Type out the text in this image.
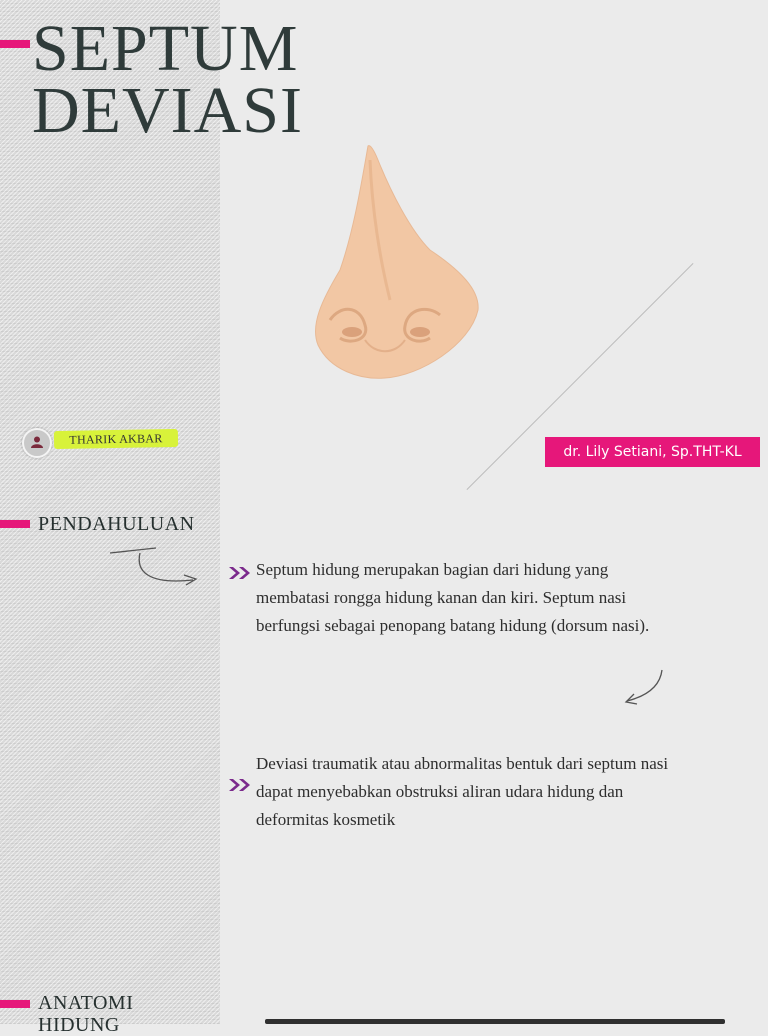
SEPTUM
DEVIASI
THARIK AKBAR
dr. Lily Setiani, Sp.THT-KL
PENDAHULUAN

Septum hidung merupakan bagian dari hidung yang membatasi rongga hidung kanan dan kiri. Septum nasi berfungsi sebagai penopang batang hidung (dorsum nasi).

Deviasi traumatik atau abnormalitas bentuk dari septum nasi dapat menyebabkan obstruksi aliran udara hidung dan deformitas kosmetik

ANATOMI
HIDUNG
